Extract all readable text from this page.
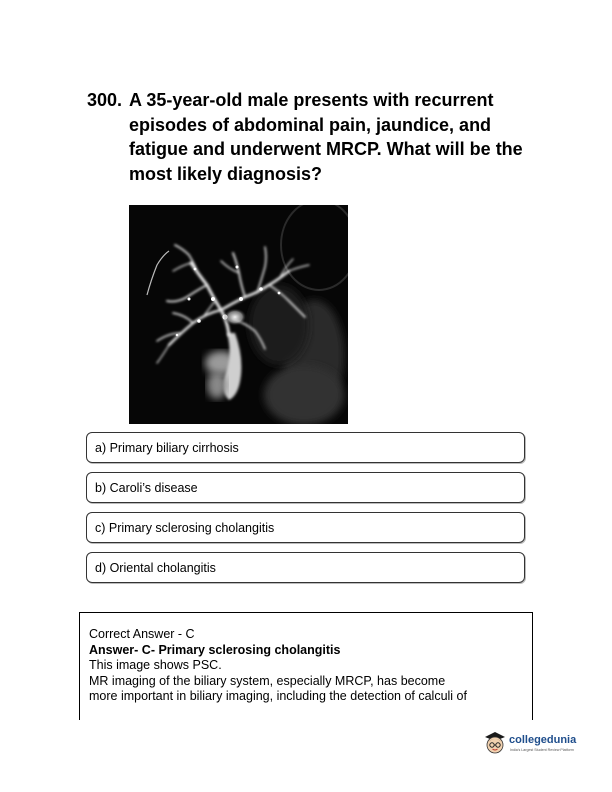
300. A 35-year-old male presents with recurrent episodes of abdominal pain, jaundice, and fatigue and underwent MRCP. What will be the most likely diagnosis?
a) Primary biliary cirrhosis
b) Caroli’s disease
c) Primary sclerosing cholangitis
d) Oriental cholangitis
Correct Answer - C
Answer- C- Primary sclerosing cholangitis
This image shows PSC.
MR imaging of the biliary system, especially MRCP, has become
more important in biliary imaging, including the detection of calculi of
collegedunia
India's Largest Student Review Platform
